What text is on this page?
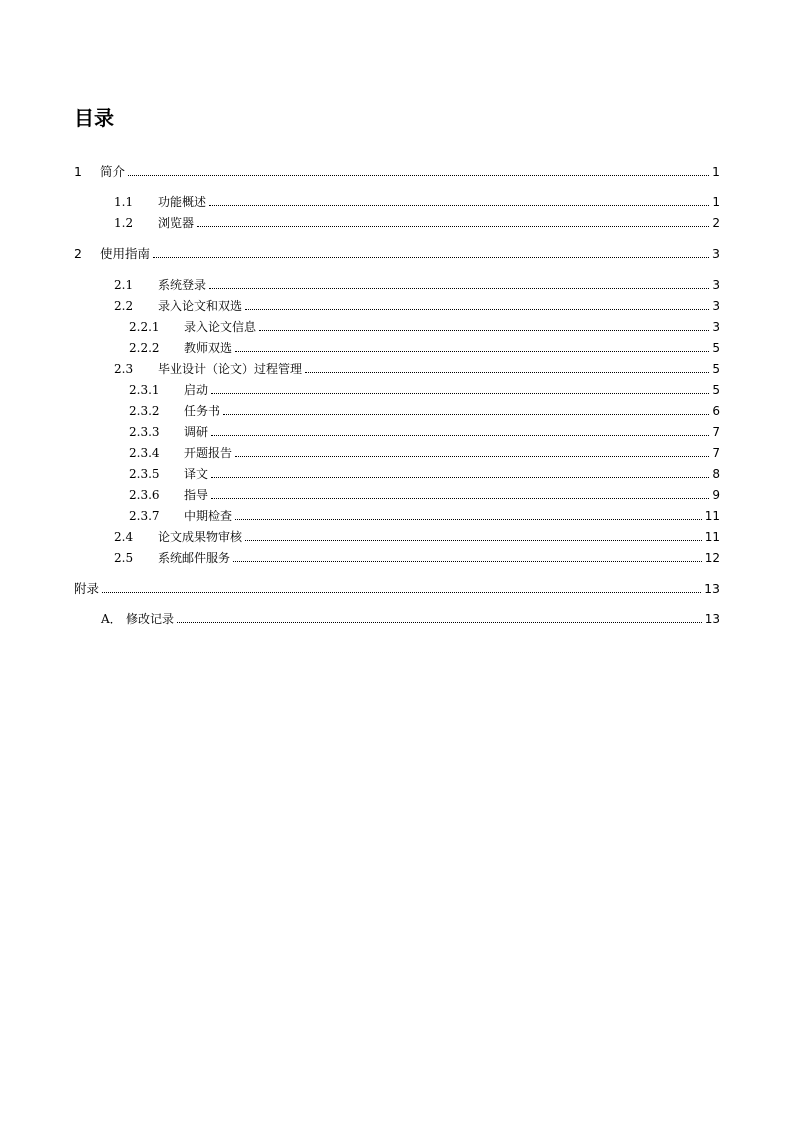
目录
1 简介	1
1.1 功能概述	1
1.2 浏览器	2
2 使用指南	3
2.1 系统登录	3
2.2 录入论文和双选	3
2.2.1 录入论文信息	3
2.2.2 教师双选	5
2.3 毕业设计（论文）过程管理	5
2.3.1 启动	5
2.3.2 任务书	6
2.3.3 调研	7
2.3.4 开题报告	7
2.3.5 译文	8
2.3.6 指导	9
2.3.7 中期检查	11
2.4 论文成果物审核	11
2.5 系统邮件服务	12
附录	13
A． 修改记录	13
